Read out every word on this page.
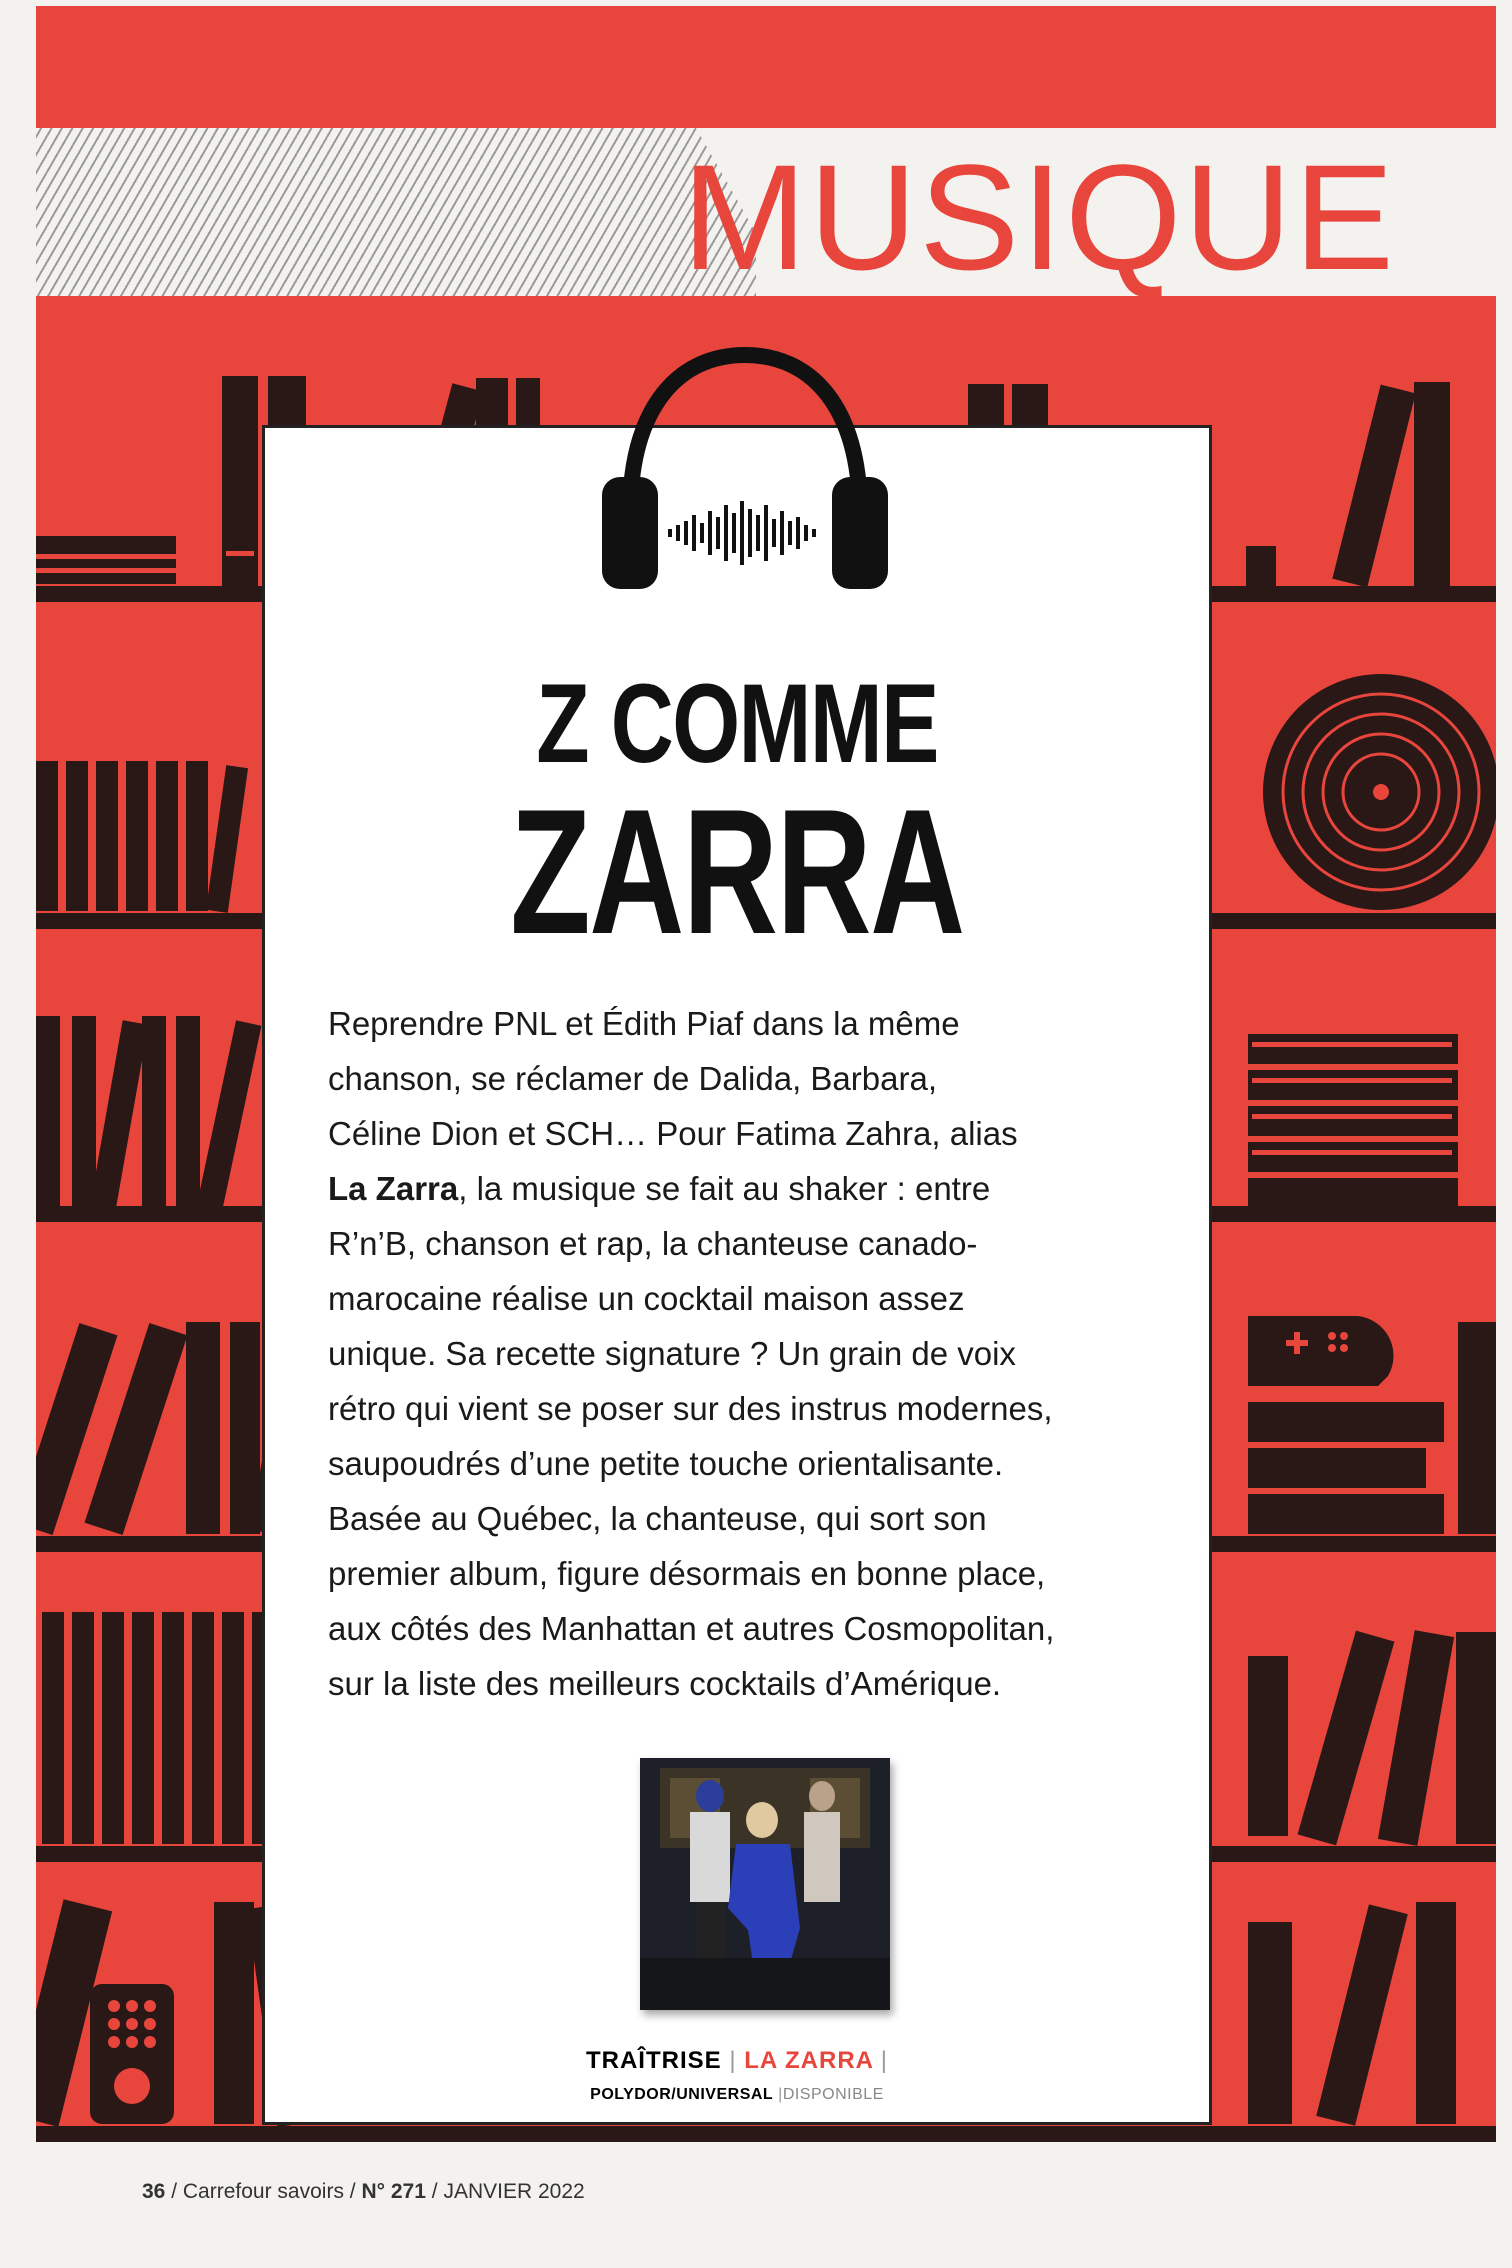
MUSIQUE
Z COMME
ZARRA
Reprendre PNL et Édith Piaf dans la même
chanson, se réclamer de Dalida, Barbara,
Céline Dion et SCH… Pour Fatima Zahra, alias
La Zarra, la musique se fait au shaker : entre
R’n’B, chanson et rap, la chanteuse canado-
marocaine réalise un cocktail maison assez
unique. Sa recette signature ? Un grain de voix
rétro qui vient se poser sur des instrus modernes,
saupoudrés d’une petite touche orientalisante.
Basée au Québec, la chanteuse, qui sort son
premier album, figure désormais en bonne place,
aux côtés des Manhattan et autres Cosmopolitan,
sur la liste des meilleurs cocktails d’Amérique.
TRAÎTRISE | LA ZARRA |
POLYDOR/UNIVERSAL |DISPONIBLE
36 / Carrefour savoirs / N° 271 / JANVIER 2022
